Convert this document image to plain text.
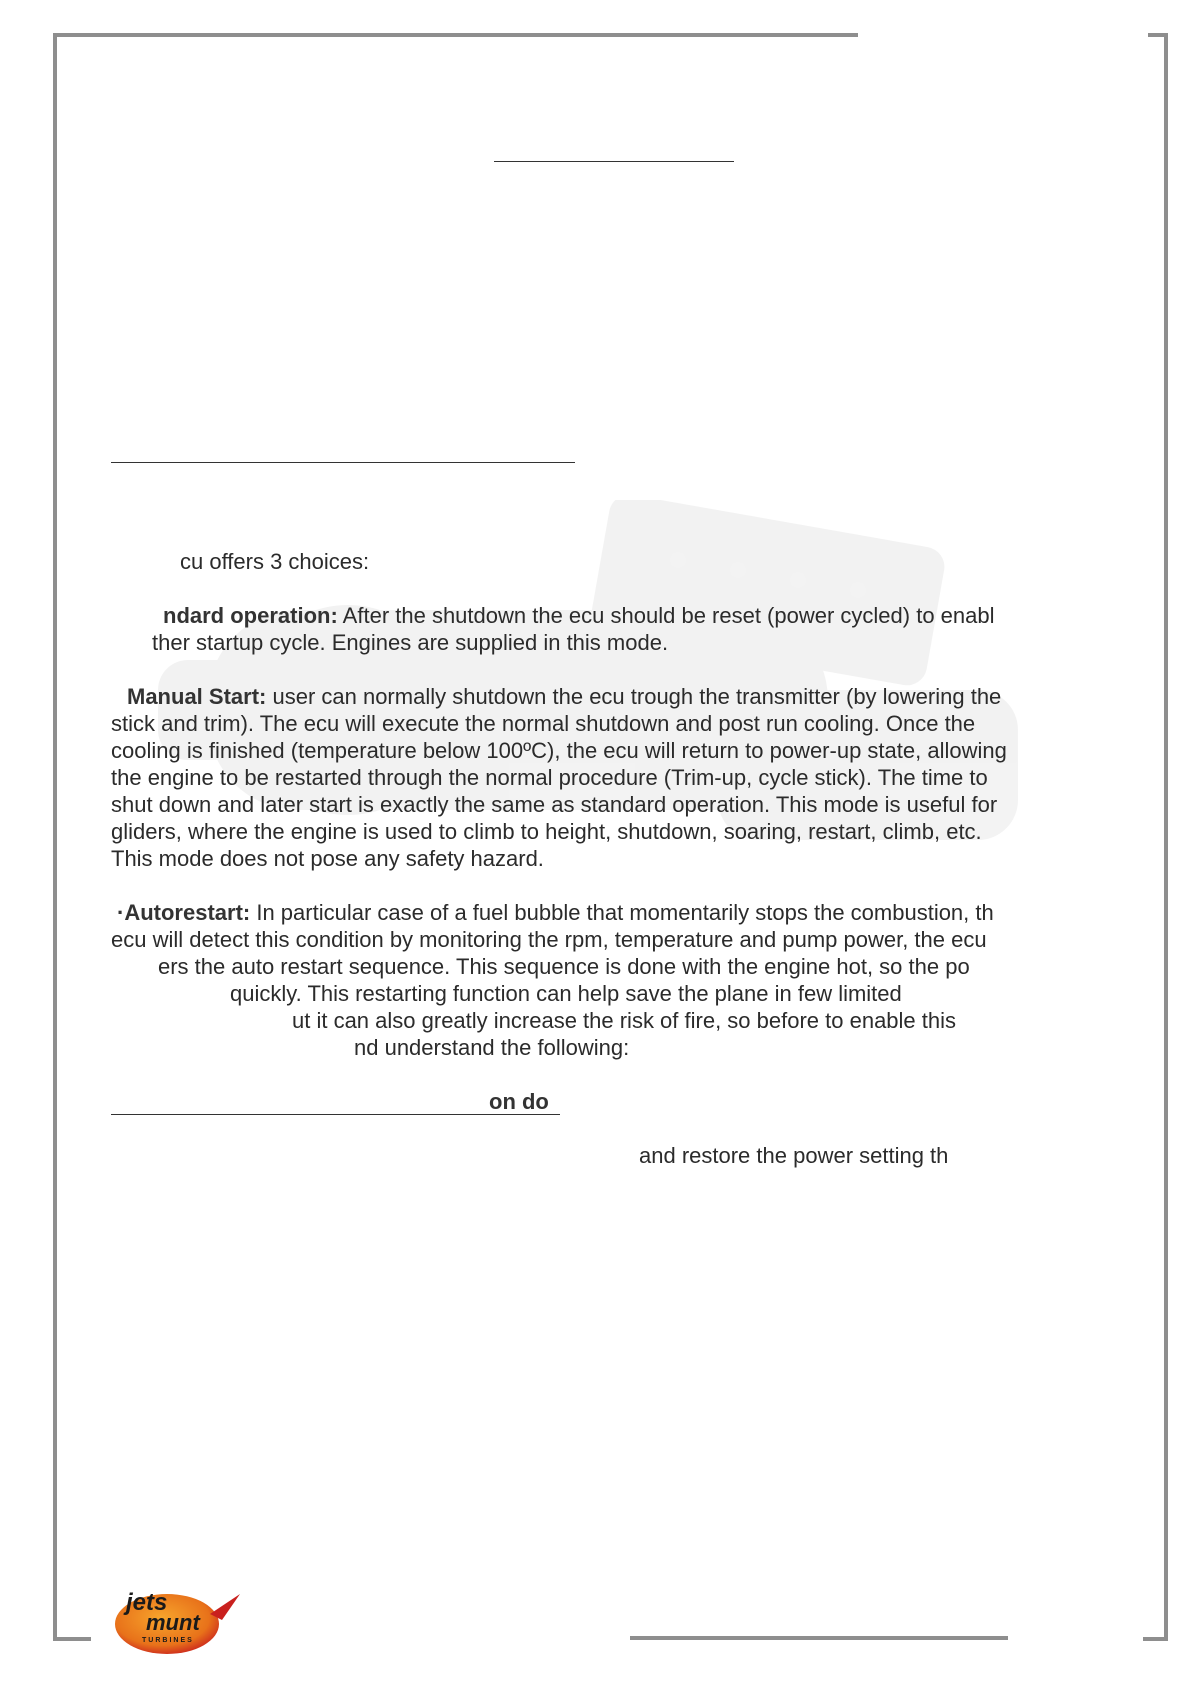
cu offers 3 choices:
ndard operation: After the shutdown the ecu should be reset (power cycled) to enabl
ther startup cycle. Engines are supplied in this mode.
Manual Start: user can normally shutdown the ecu trough the transmitter (by lowering the
stick and trim). The ecu will execute the normal shutdown and post run cooling. Once the
cooling is finished (temperature below 100ºC), the ecu will return to power-up state, allowing
the engine to be restarted through the normal procedure (Trim-up, cycle stick). The time to
shut down and later start is exactly the same as standard operation. This mode is useful for
gliders, where the engine is used to climb to height, shutdown, soaring, restart, climb, etc.
This mode does not pose any safety hazard.
·Autorestart: In particular case of a fuel bubble that momentarily stops the combustion, th
ecu will detect this condition by monitoring the rpm, temperature and pump power, the ecu
ers the auto restart sequence. This sequence is done with the engine hot, so the po
quickly. This restarting function can help save the plane in few limited
ut it can also greatly increase the risk of fire, so before to enable this
nd understand the following:
on do
and restore the power setting th
jets
munt
TURBINES
